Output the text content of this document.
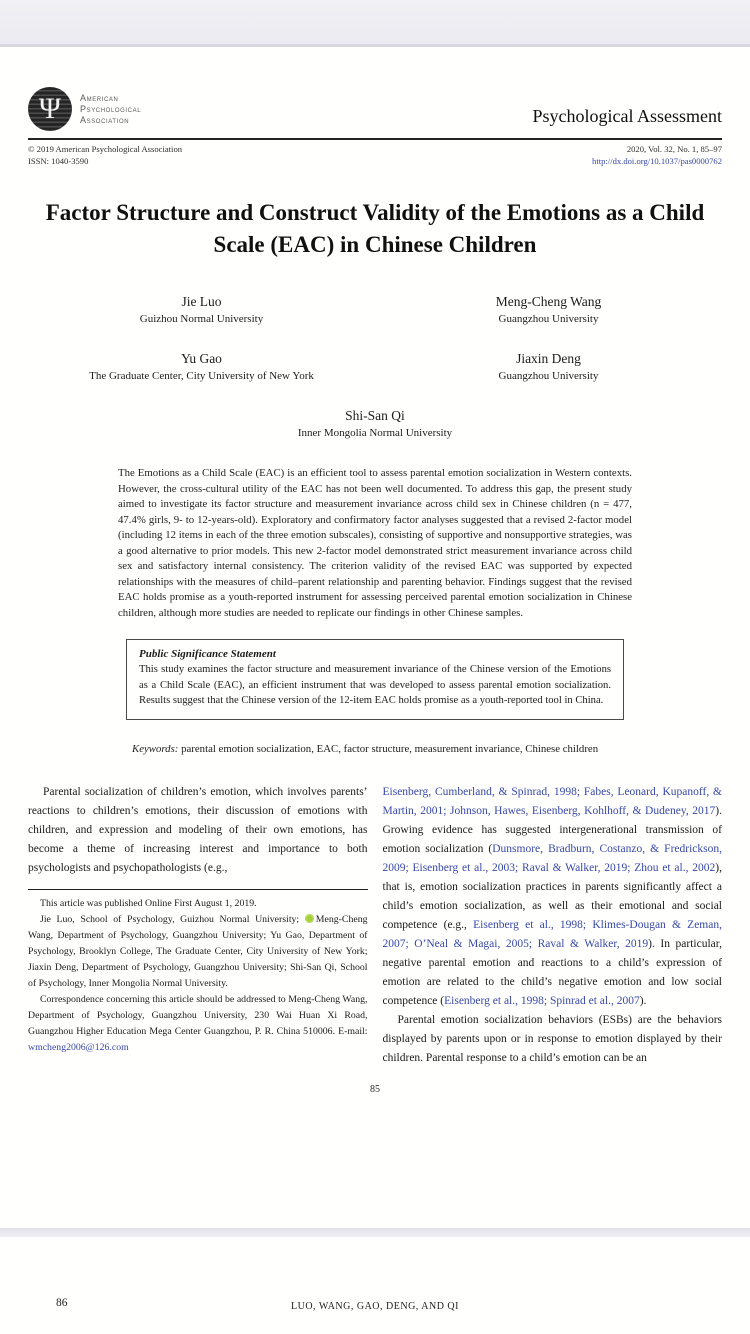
Ψ	American
Psychological
Association	Psychological Assessment
© 2019 American Psychological Association
ISSN: 1040-3590
2020, Vol. 32, No. 1, 85–97
http://dx.doi.org/10.1037/pas0000762
Factor Structure and Construct Validity of the Emotions as a Child Scale (EAC) in Chinese Children
Jie Luo
Guizhou Normal University
Meng-Cheng Wang
Guangzhou University
Yu Gao
The Graduate Center, City University of New York
Jiaxin Deng
Guangzhou University
Shi-San Qi
Inner Mongolia Normal University

The Emotions as a Child Scale (EAC) is an efficient tool to assess parental emotion socialization in Western contexts. However, the cross-cultural utility of the EAC has not been well documented. To address this gap, the present study aimed to investigate its factor structure and measurement invariance across child sex in Chinese children (n = 477, 47.4% girls, 9- to 12-years-old). Exploratory and confirmatory factor analyses suggested that a revised 2-factor model (including 12 items in each of the three emotion subscales), consisting of supportive and nonsupportive strategies, was a good alternative to prior models. This new 2-factor model demonstrated strict measurement invariance across child sex and satisfactory internal consistency. The criterion validity of the revised EAC was supported by expected relationships with the measures of child–parent relationship and parenting behavior. Findings suggest that the revised EAC holds promise as a youth-reported instrument for assessing perceived parental emotion socialization in Chinese children, although more studies are needed to replicate our findings in other Chinese samples.

Public Significance Statement

This study examines the factor structure and measurement invariance of the Chinese version of the Emotions as a Child Scale (EAC), an efficient instrument that was developed to assess parental emotion socialization. Results suggest that the Chinese version of the 12-item EAC holds promise as a youth-reported tool in China.

Keywords: parental emotion socialization, EAC, factor structure, measurement invariance, Chinese children

Parental socialization of children’s emotion, which involves parents’ reactions to children’s emotions, their discussion of emotions with children, and expression and modeling of their own emotions, has become a theme of increasing interest and importance to both psychologists and psychopathologists (e.g.,

This article was published Online First August 1, 2019.

Jie Luo, School of Psychology, Guizhou Normal University; Meng-Cheng Wang, Department of Psychology, Guangzhou University; Yu Gao, Department of Psychology, Brooklyn College, The Graduate Center, City University of New York; Jiaxin Deng, Department of Psychology, Guangzhou University; Shi-San Qi, School of Psychology, Inner Mongolia Normal University.

Correspondence concerning this article should be addressed to Meng-Cheng Wang, Department of Psychology, Guangzhou University, 230 Wai Huan Xi Road, Guangzhou Higher Education Mega Center Guangzhou, P. R. China 510006. E-mail: wmcheng2006@126.com

Eisenberg, Cumberland, & Spinrad, 1998; Fabes, Leonard, Kupanoff, & Martin, 2001; Johnson, Hawes, Eisenberg, Kohlhoff, & Dudeney, 2017). Growing evidence has suggested intergenerational transmission of emotion socialization (Dunsmore, Bradburn, Costanzo, & Fredrickson, 2009; Eisenberg et al., 2003; Raval & Walker, 2019; Zhou et al., 2002), that is, emotion socialization practices in parents significantly affect a child’s emotion socialization, as well as their emotional and social competence (e.g., Eisenberg et al., 1998; Klimes-Dougan & Zeman, 2007; O’Neal & Magai, 2005; Raval & Walker, 2019). In particular, negative parental emotion and reactions to a child’s expression of emotion are related to the child’s negative emotion and low social competence (Eisenberg et al., 1998; Spinrad et al., 2007).

Parental emotion socialization behaviors (ESBs) are the behaviors displayed by parents upon or in response to emotion displayed by their children. Parental response to a child’s emotion can be an

85
86	LUO, WANG, GAO, DENG, AND QI
